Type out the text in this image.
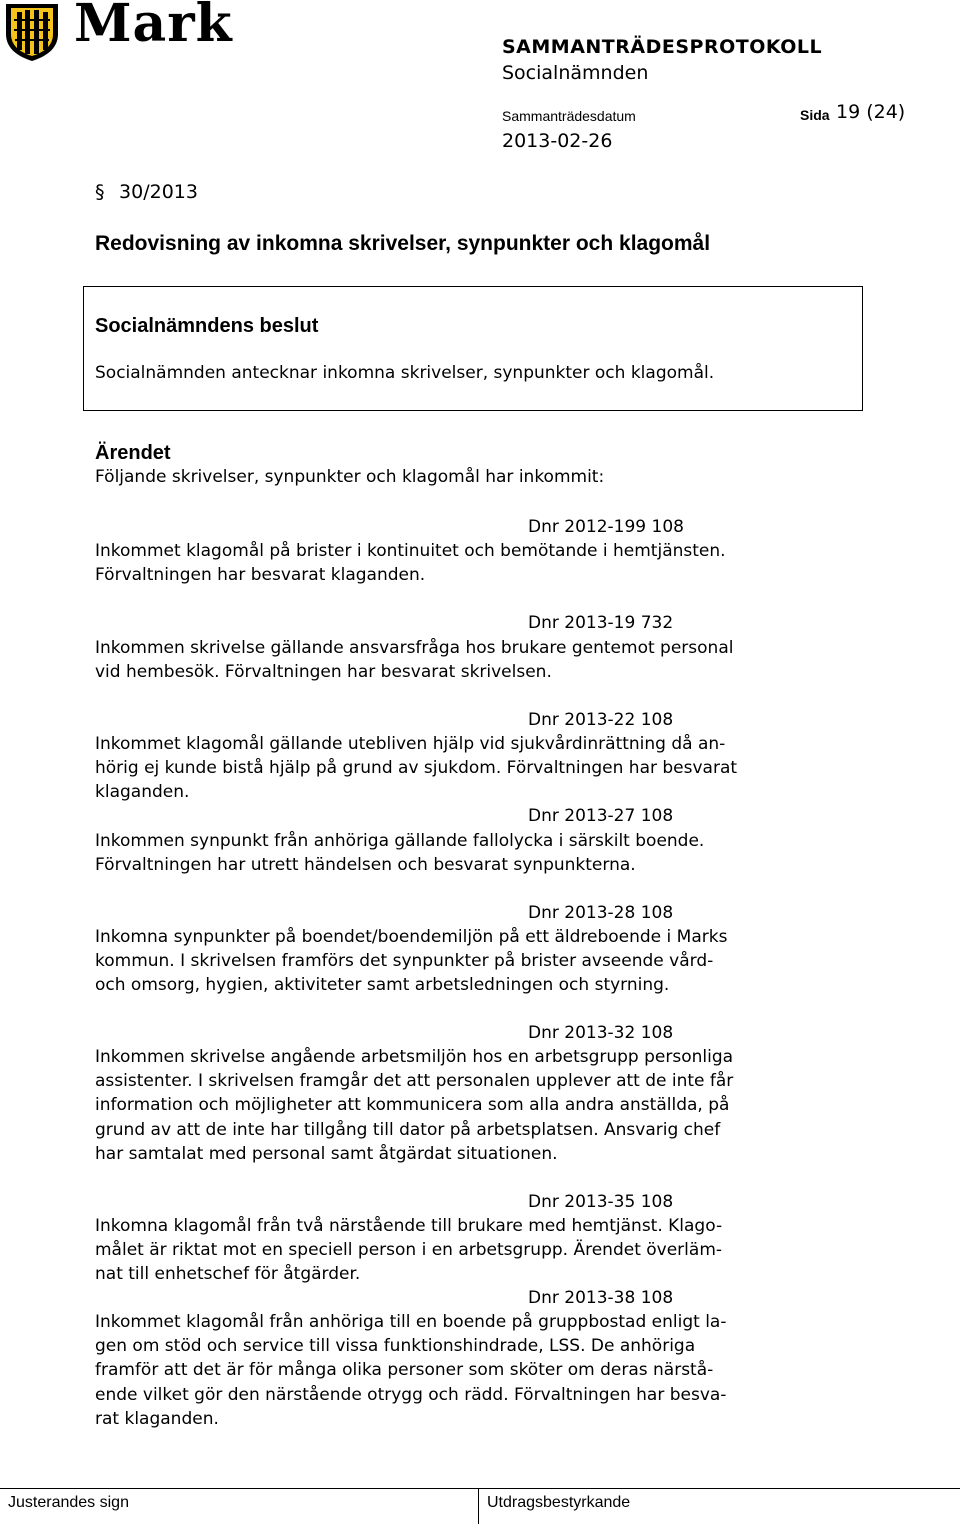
Mark	SAMMANTRÄDESPROTOKOLL
Socialnämnden
Sammanträdesdatum	Sida 19 (24)
2013-02-26
§ 30/2013
Redovisning av inkomna skrivelser, synpunkter och klagomål
Socialnämndens beslut
Socialnämnden antecknar inkomna skrivelser, synpunkter och klagomål.
Ärendet
Följande skrivelser, synpunkter och klagomål har inkommit:
Dnr 2012-199 108
Inkommet klagomål på brister i kontinuitet och bemötande i hemtjänsten.
Förvaltningen har besvarat klaganden.
Dnr 2013-19 732
Inkommen skrivelse gällande ansvarsfråga hos brukare gentemot personal
vid hembesök. Förvaltningen har besvarat skrivelsen.
Dnr 2013-22 108
Inkommet klagomål gällande utebliven hjälp vid sjukvårdinrättning då an-
hörig ej kunde bistå hjälp på grund av sjukdom. Förvaltningen har besvarat
klaganden.
Dnr 2013-27 108
Inkommen synpunkt från anhöriga gällande fallolycka i särskilt boende.
Förvaltningen har utrett händelsen och besvarat synpunkterna.
Dnr 2013-28 108
Inkomna synpunkter på boendet/boendemiljön på ett äldreboende i Marks
kommun. I skrivelsen framförs det synpunkter på brister avseende vård-
och omsorg, hygien, aktiviteter samt arbetsledningen och styrning.
Dnr 2013-32 108
Inkommen skrivelse angående arbetsmiljön hos en arbetsgrupp personliga
assistenter. I skrivelsen framgår det att personalen upplever att de inte får
information och möjligheter att kommunicera som alla andra anställda, på
grund av att de inte har tillgång till dator på arbetsplatsen. Ansvarig chef
har samtalat med personal samt åtgärdat situationen.
Dnr 2013-35 108
Inkomna klagomål från två närstående till brukare med hemtjänst. Klago-
målet är riktat mot en speciell person i en arbetsgrupp. Ärendet överläm-
nat till enhetschef för åtgärder.
Dnr 2013-38 108
Inkommet klagomål från anhöriga till en boende på gruppbostad enligt la-
gen om stöd och service till vissa funktionshindrade, LSS. De anhöriga
framför att det är för många olika personer som sköter om deras närstå-
ende vilket gör den närstående otrygg och rädd. Förvaltningen har besva-
rat klaganden.
Justerandes sign	Utdragsbestyrkande
